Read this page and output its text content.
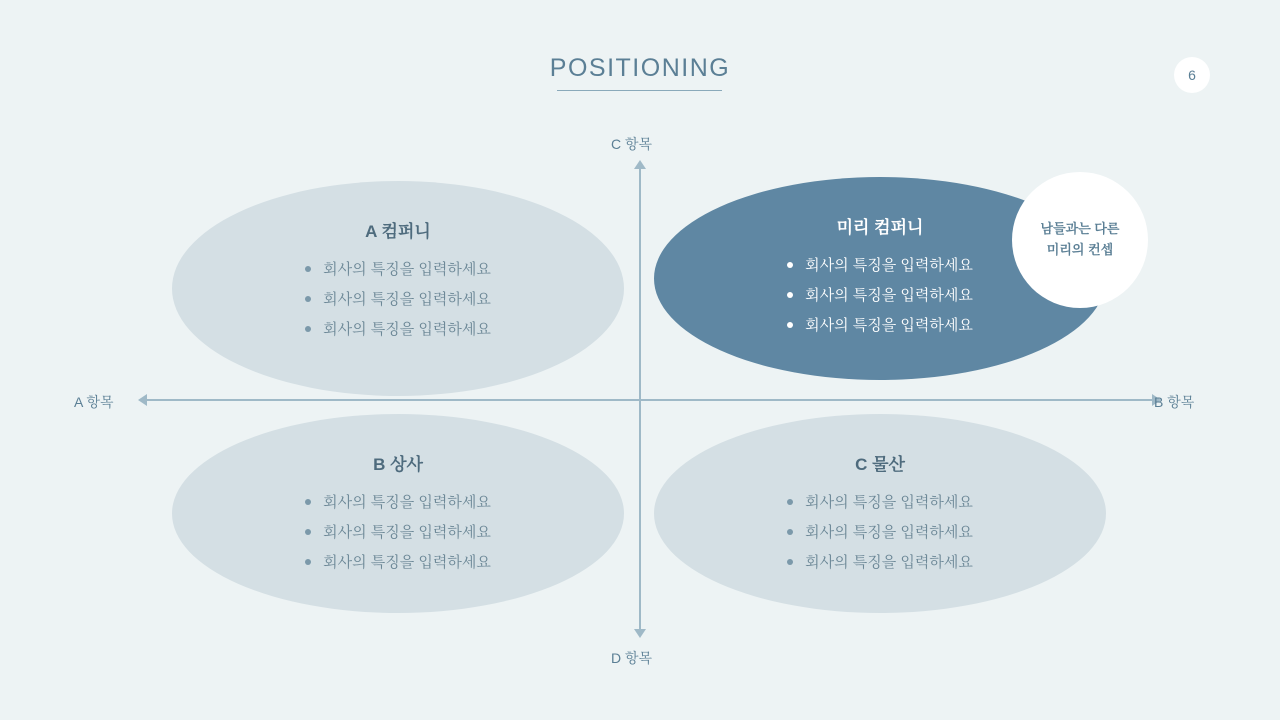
POSITIONING	6
C 항목
D 항목
A 항목	B 항목
A 컴퍼니
회사의 특징을 입력하세요
회사의 특징을 입력하세요
회사의 특징을 입력하세요
미리 컴퍼니
회사의 특징을 입력하세요
회사의 특징을 입력하세요
회사의 특징을 입력하세요
B 상사
회사의 특징을 입력하세요
회사의 특징을 입력하세요
회사의 특징을 입력하세요
C 물산
회사의 특징을 입력하세요
회사의 특징을 입력하세요
회사의 특징을 입력하세요
남들과는 다른
미리의 컨셉
